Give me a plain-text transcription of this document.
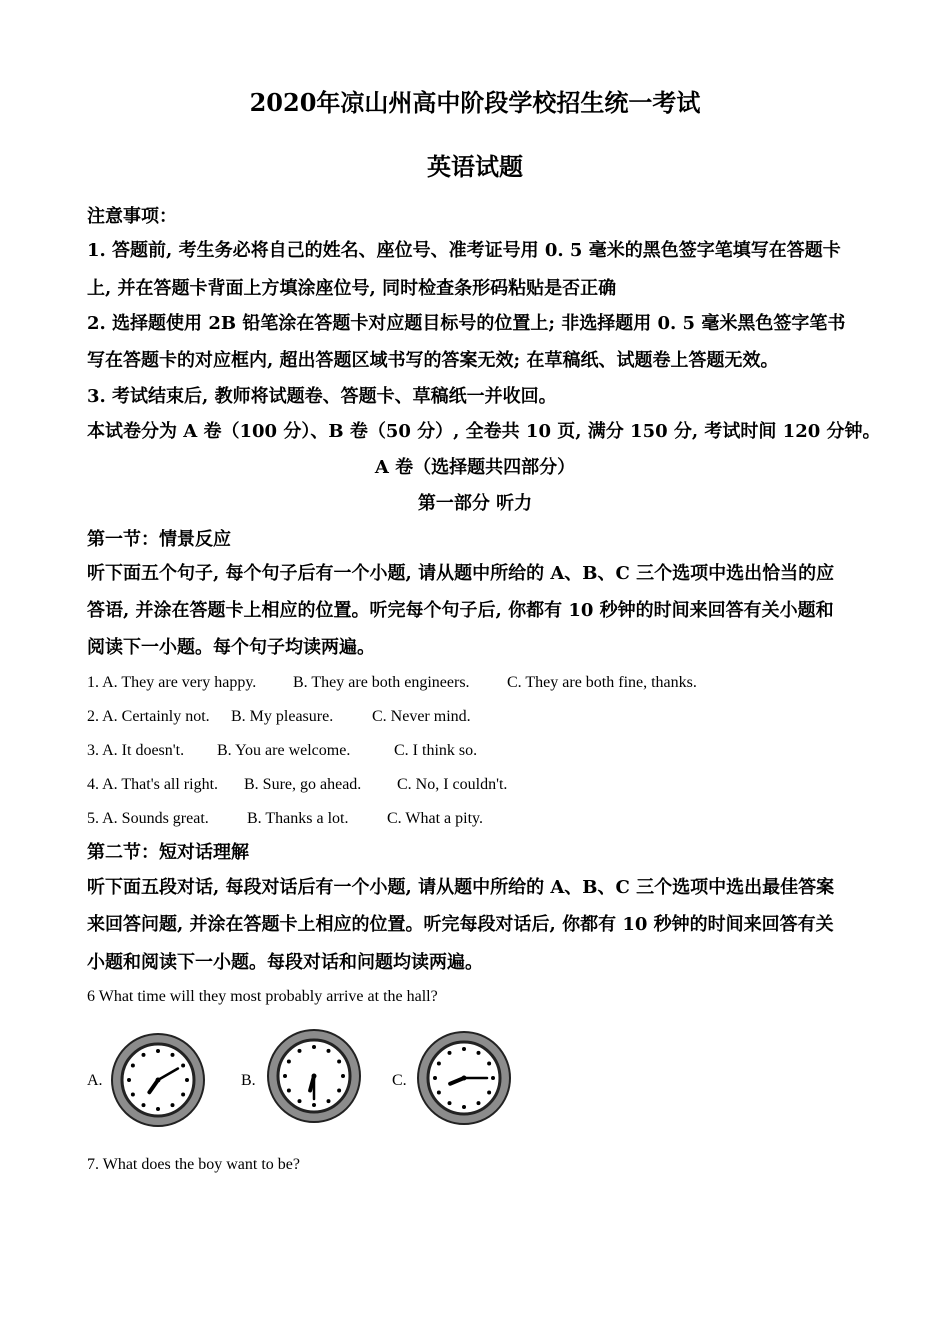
2020年凉山州高中阶段学校招生统一考试
英语试题
注意事项：
1. 答题前, 考生务必将自己的姓名、座位号、准考证号用 0. 5 毫米的黑色签字笔填写在答题卡
上, 并在答题卡背面上方填涂座位号, 同时检查条形码粘贴是否正确
2. 选择题使用 2B 铅笔涂在答题卡对应题目标号的位置上; 非选择题用 0. 5 毫米黑色签字笔书
写在答题卡的对应框内, 超出答题区域书写的答案无效; 在草稿纸、试题卷上答题无效。
3. 考试结束后, 教师将试题卷、答题卡、草稿纸一并收回。
本试卷分为 A 卷（100 分）、B 卷（50 分）, 全卷共 10 页, 满分 150 分, 考试时间 120 分钟。
A 卷（选择题共四部分）
第一部分 听力
第一节：情景反应
听下面五个句子, 每个句子后有一个小题, 请从题中所给的 A、B、C 三个选项中选出恰当的应
答语, 并涂在答题卡上相应的位置。听完每个句子后, 你都有 10 秒钟的时间来回答有关小题和
阅读下一小题。每个句子均读两遍。
1. A. They are very happy. B. They are both engineers. C. They are both fine, thanks.
2. A. Certainly not. B. My pleasure. C. Never mind.
3. A. It doesn't. B. You are welcome.	C. I think so.
4. A. That's all right. B. Sure, go ahead. C. No, I couldn't.
5. A. Sounds great. B. Thanks a lot. C. What a pity.
第二节：短对话理解
听下面五段对话, 每段对话后有一个小题, 请从题中所给的 A、B、C 三个选项中选出最佳答案
来回答问题, 并涂在答题卡上相应的位置。听完每段对话后, 你都有 10 秒钟的时间来回答有关
小题和阅读下一小题。每段对话和问题均读两遍。
6 What time will they most probably arrive at the hall?
A.	B.	C.
7. What does the boy want to be?
